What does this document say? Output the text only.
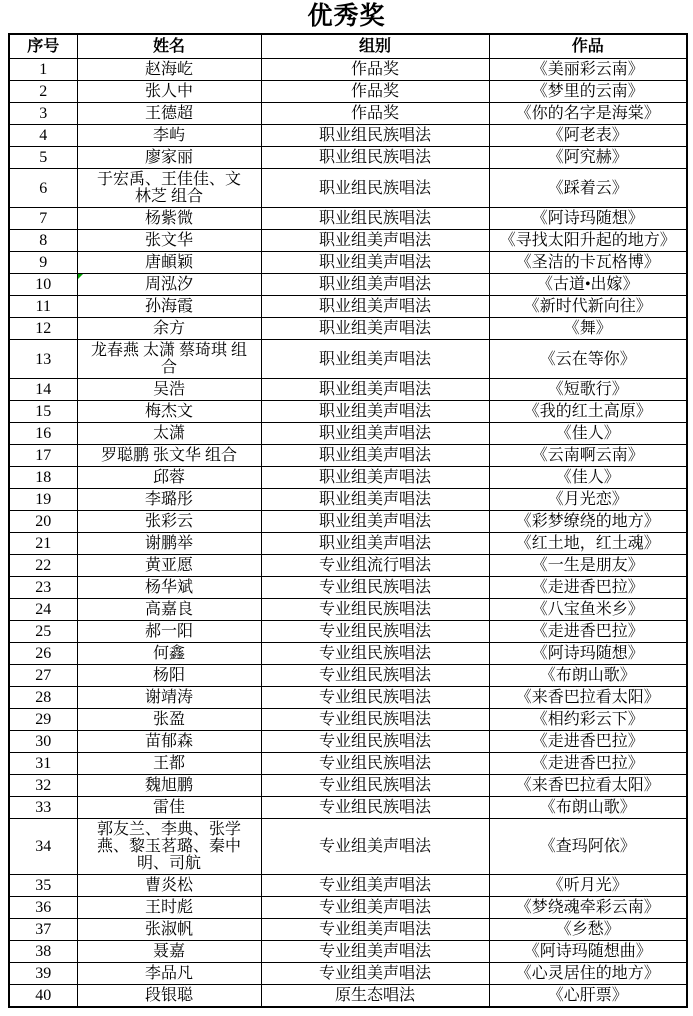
优秀奖
序号	姓名	组别	作品
1	赵海屹	作品奖	《美丽彩云南》
2	张人中	作品奖	《梦里的云南》
3	王德超	作品奖	《你的名字是海棠》
4	李屿	职业组民族唱法	《阿老表》
5	廖家丽	职业组民族唱法	《阿究赫》
6	于宏禹、王佳佳、文林芝 组合	职业组民族唱法	《踩着云》
7	杨紫微	职业组民族唱法	《阿诗玛随想》
8	张文华	职业组美声唱法	《寻找太阳升起的地方》
9	唐頔颖	职业组美声唱法	《圣洁的卡瓦格博》
10	周泓汐	职业组美声唱法	《古道•出嫁》
11	孙海霞	职业组美声唱法	《新时代新向往》
12	余方	职业组美声唱法	《舞》
13	龙春燕 太潇 蔡琦琪 组合	职业组美声唱法	《云在等你》
14	吴浩	职业组美声唱法	《短歌行》
15	梅杰文	职业组美声唱法	《我的红土高原》
16	太潇	职业组美声唱法	《佳人》
17	罗聪鹏 张文华 组合	职业组美声唱法	《云南啊云南》
18	邱蓉	职业组美声唱法	《佳人》
19	李璐彤	职业组美声唱法	《月光恋》
20	张彩云	职业组美声唱法	《彩梦缭绕的地方》
21	谢鹏举	职业组美声唱法	《红土地，红土魂》
22	黄亚愿	专业组流行唱法	《一生是朋友》
23	杨华斌	专业组民族唱法	《走进香巴拉》
24	高嘉良	专业组民族唱法	《八宝鱼米乡》
25	郝一阳	专业组民族唱法	《走进香巴拉》
26	何鑫	专业组民族唱法	《阿诗玛随想》
27	杨阳	专业组民族唱法	《布朗山歌》
28	谢靖涛	专业组民族唱法	《来香巴拉看太阳》
29	张盈	专业组民族唱法	《相约彩云下》
30	苗郁森	专业组民族唱法	《走进香巴拉》
31	王都	专业组民族唱法	《走进香巴拉》
32	魏旭鹏	专业组民族唱法	《来香巴拉看太阳》
33	雷佳	专业组民族唱法	《布朗山歌》
34	郭友兰、李典、张学燕、黎玉茗璐、秦中明、司航	专业组美声唱法	《查玛阿依》
35	曹炎松	专业组美声唱法	《听月光》
36	王时彪	专业组美声唱法	《梦绕魂牵彩云南》
37	张淑帆	专业组美声唱法	《乡愁》
38	聂嘉	专业组美声唱法	《阿诗玛随想曲》
39	李品凡	专业组美声唱法	《心灵居住的地方》
40	段银聪	原生态唱法	《心肝票》
